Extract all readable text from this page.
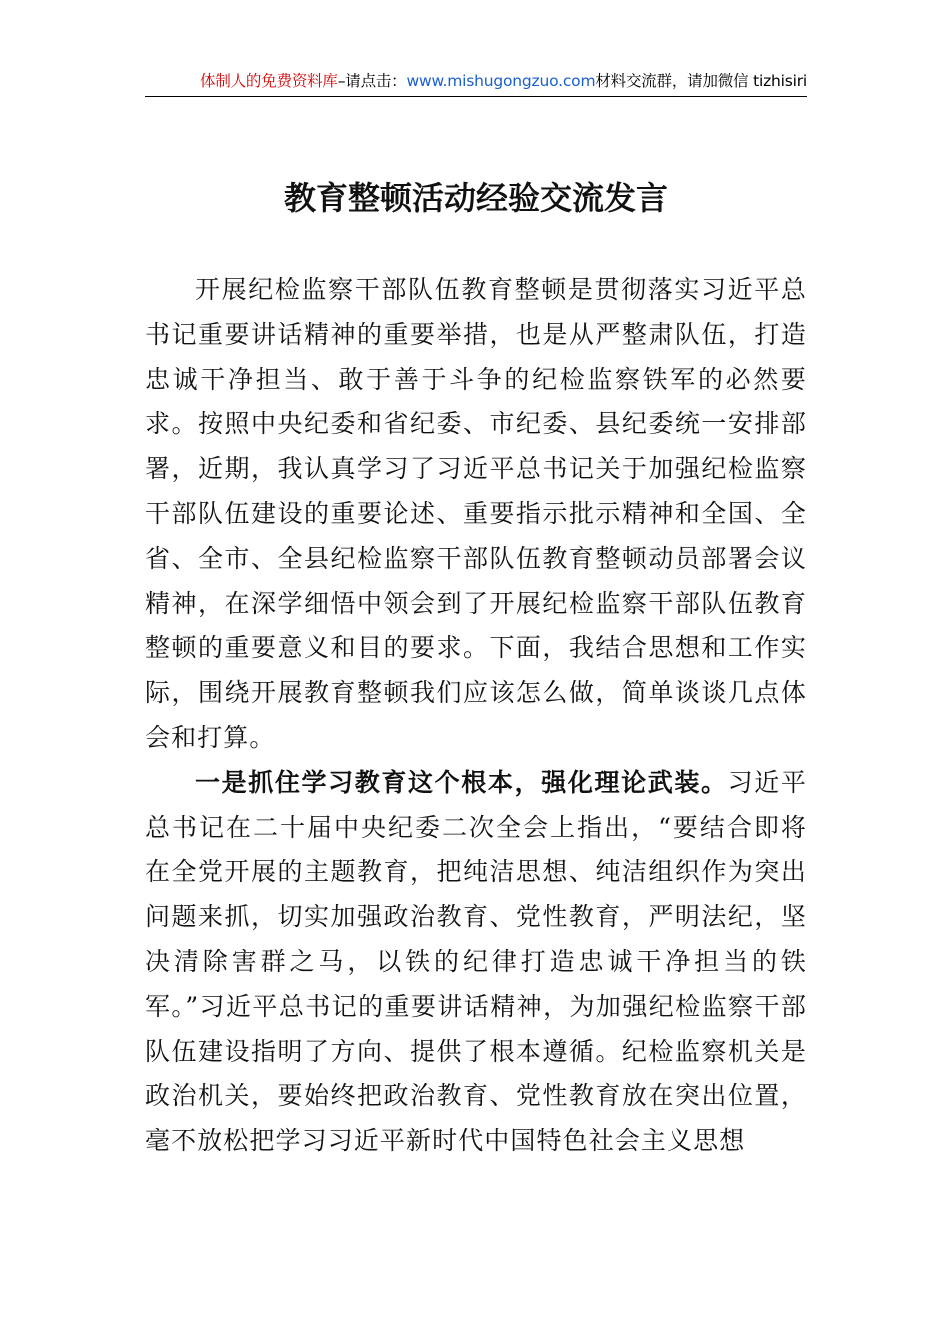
体制人的免费资料库–请点击：www.mishugongzuo.com材料交流群，请加微信 tizhisiri
教育整顿活动经验交流发言

开展纪检监察干部队伍教育整顿是贯彻落实习近平总书记重要讲话精神的重要举措，也是从严整肃队伍，打造忠诚干净担当、敢于善于斗争的纪检监察铁军的必然要求。按照中央纪委和省纪委、市纪委、县纪委统一安排部署，近期，我认真学习了习近平总书记关于加强纪检监察干部队伍建设的重要论述、重要指示批示精神和全国、全省、全市、全县纪检监察干部队伍教育整顿动员部署会议精神，在深学细悟中领会到了开展纪检监察干部队伍教育整顿的重要意义和目的要求。下面，我结合思想和工作实际，围绕开展教育整顿我们应该怎么做，简单谈谈几点体会和打算。

一是抓住学习教育这个根本，强化理论武装。习近平总书记在二十届中央纪委二次全会上指出，“要结合即将在全党开展的主题教育，把纯洁思想、纯洁组织作为突出问题来抓，切实加强政治教育、党性教育，严明法纪，坚决清除害群之马，以铁的纪律打造忠诚干净担当的铁军。”习近平总书记的重要讲话精神，为加强纪检监察干部队伍建设指明了方向、提供了根本遵循。纪检监察机关是政治机关，要始终把政治教育、党性教育放在突出位置，毫不放松把学习习近平新时代中国特色社会主义思想
